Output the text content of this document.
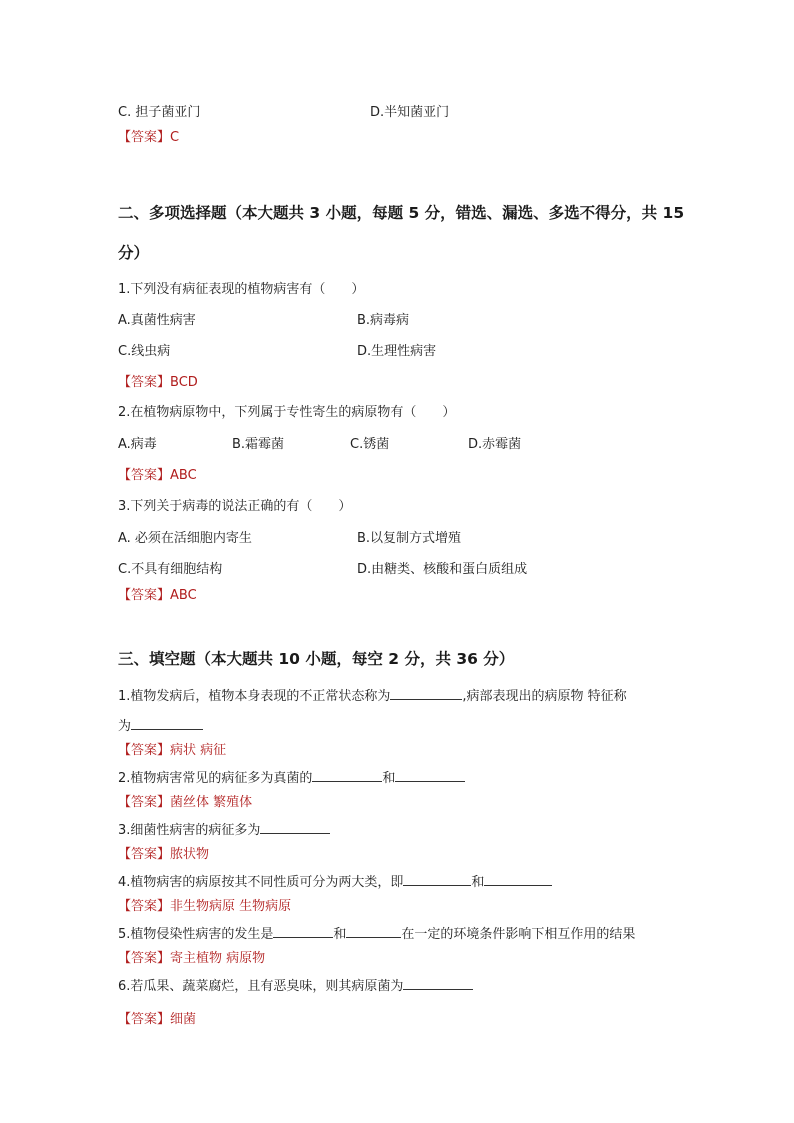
C. 担子菌亚门	D.半知菌亚门
【答案】C
二、多项选择题（本大题共 3 小题，每题 5 分，错选、漏选、多选不得分，共 15
分）
1.下列没有病征表现的植物病害有（　　）
A.真菌性病害	B.病毒病
C.线虫病	D.生理性病害
【答案】BCD
2.在植物病原物中，下列属于专性寄生的病原物有（　　）
A.病毒	B.霜霉菌	C.锈菌	D.赤霉菌
【答案】ABC
3.下列关于病毒的说法正确的有（　　）
A. 必须在活细胞内寄生	B.以复制方式增殖
C.不具有细胞结构	D.由糖类、核酸和蛋白质组成
【答案】ABC
三、填空题（本大题共 10 小题，每空 2 分，共 36 分）
1.植物发病后，植物本身表现的不正常状态称为	,病部表现出的病原物 特征称
为
【答案】病状 病征
2.植物病害常见的病征多为真菌的	和
【答案】菌丝体 繁殖体
3.细菌性病害的病征多为
【答案】脓状物
4.植物病害的病原按其不同性质可分为两大类，即	和
【答案】非生物病原 生物病原
5.植物侵染性病害的发生是	和	在一定的环境条件影响下相互作用的结果
【答案】寄主植物 病原物
6.若瓜果、蔬菜腐烂，且有恶臭味，则其病原菌为
【答案】细菌
